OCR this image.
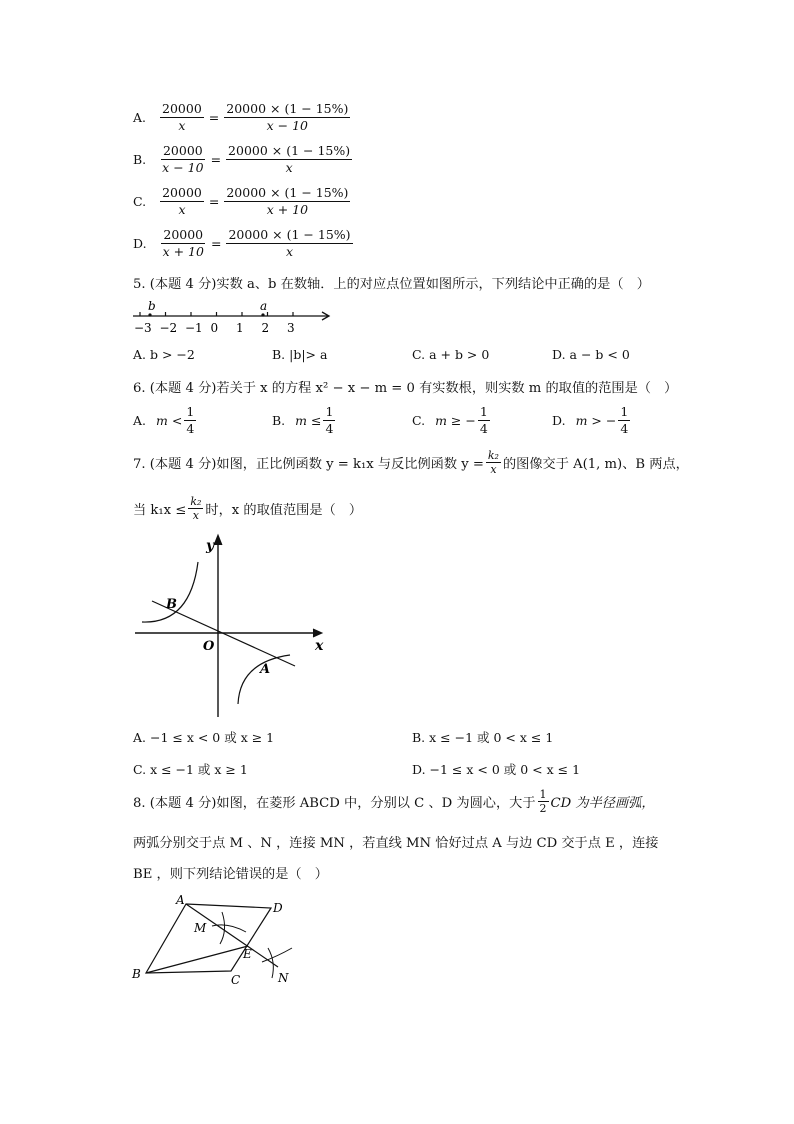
A. $\frac{20000}{x} = \frac{20000 \times (1 - 15\%)}{x - 10}$
B. $\frac{20000}{x - 10} = \frac{20000 \times (1 - 15\%)}{x}$
C. $\frac{20000}{x} = \frac{20000 \times (1 - 15\%)}{x + 10}$
D. $\frac{20000}{x + 10} = \frac{20000 \times (1 - 15\%)}{x}$
5. (本题 4 分)实数 a、b 在数轴．上的对应点位置如图所示，下列结论中正确的是（　）
−3 −2 −1 0 1 2 3
b	a
A. b > −2	B. |b|> a	C. a + b > 0	D. a − b < 0
6. (本题 4 分)若关于 x 的方程 x² − x − m = 0 有实数根，则实数 m 的取值的范围是（　）
A. $m < \frac{1}{4}$	B. $m \le \frac{1}{4}$	C. m ≥ − $\frac{1}{4}$	D. m > − $\frac{1}{4}$
7. (本题 4 分)如图，正比例函数 y = k₁x 与反比例函数 $y = \frac{\text{k₂}}{x}$ 的图像交于 A(1, m)、B 两点，
当 $k_1x \le \frac{\text{k₂}}{x}$ 时，x 的取值范围是（　）
y
x
O
B
A
A. −1 ≤ x < 0 或 x ≥ 1	B. x ≤ −1 或 0 < x ≤ 1
C. x ≤ −1 或 x ≥ 1	D. −1 ≤ x < 0 或 0 < x ≤ 1
8. (本题 4 分)如图，在菱形 ABCD 中，分别以 C 、D 为圆心，大于 $\frac{1}{2}$ CD 为半径画弧，
两弧分别交于点 M 、N ，连接 MN ，若直线 MN 恰好过点 A 与边 CD 交于点 E ，连接
BE ，则下列结论错误的是（　）
A
D
B	C
E
M
N
